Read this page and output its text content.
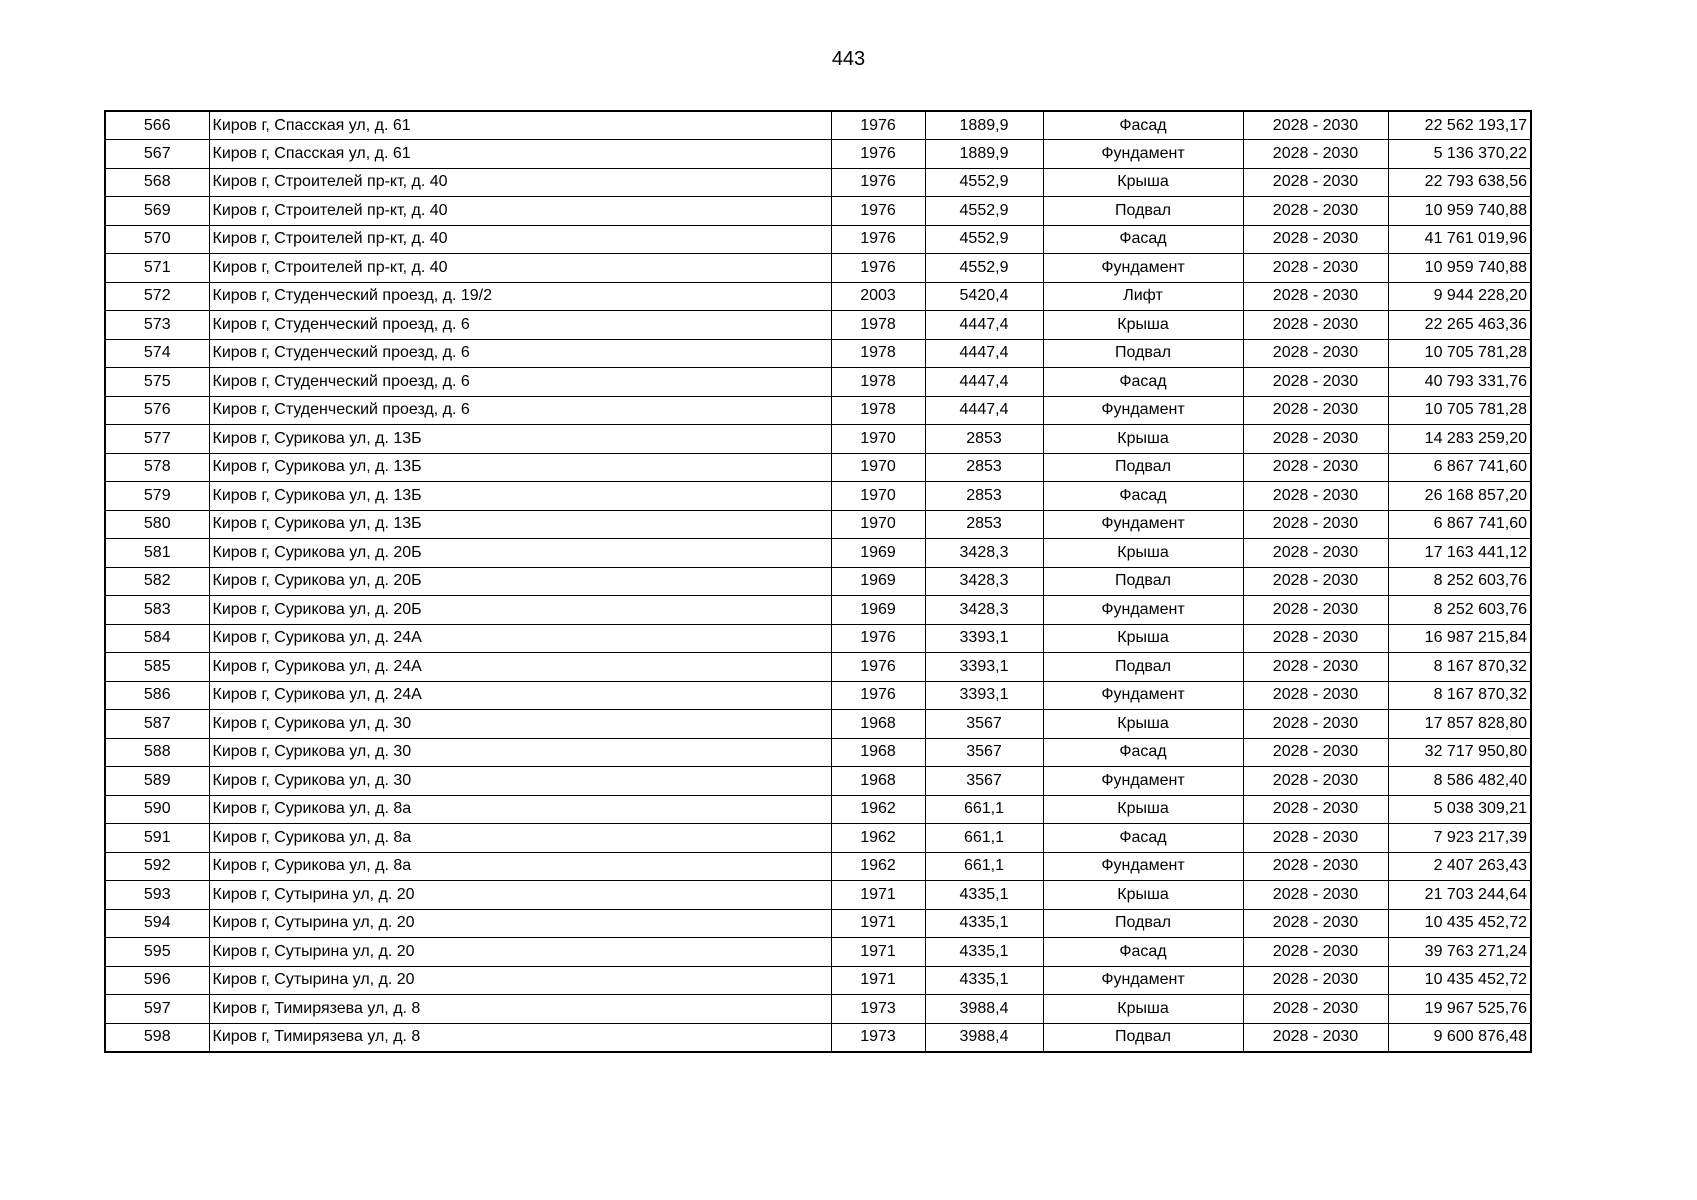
443
566	Киров г, Спасская ул, д. 61	1976	1889,9	Фасад	2028 - 2030	22 562 193,17
567	Киров г, Спасская ул, д. 61	1976	1889,9	Фундамент	2028 - 2030	5 136 370,22
568	Киров г, Строителей пр-кт, д. 40	1976	4552,9	Крыша	2028 - 2030	22 793 638,56
569	Киров г, Строителей пр-кт, д. 40	1976	4552,9	Подвал	2028 - 2030	10 959 740,88
570	Киров г, Строителей пр-кт, д. 40	1976	4552,9	Фасад	2028 - 2030	41 761 019,96
571	Киров г, Строителей пр-кт, д. 40	1976	4552,9	Фундамент	2028 - 2030	10 959 740,88
572	Киров г, Студенческий проезд, д. 19/2	2003	5420,4	Лифт	2028 - 2030	9 944 228,20
573	Киров г, Студенческий проезд, д. 6	1978	4447,4	Крыша	2028 - 2030	22 265 463,36
574	Киров г, Студенческий проезд, д. 6	1978	4447,4	Подвал	2028 - 2030	10 705 781,28
575	Киров г, Студенческий проезд, д. 6	1978	4447,4	Фасад	2028 - 2030	40 793 331,76
576	Киров г, Студенческий проезд, д. 6	1978	4447,4	Фундамент	2028 - 2030	10 705 781,28
577	Киров г, Сурикова ул, д. 13Б	1970	2853	Крыша	2028 - 2030	14 283 259,20
578	Киров г, Сурикова ул, д. 13Б	1970	2853	Подвал	2028 - 2030	6 867 741,60
579	Киров г, Сурикова ул, д. 13Б	1970	2853	Фасад	2028 - 2030	26 168 857,20
580	Киров г, Сурикова ул, д. 13Б	1970	2853	Фундамент	2028 - 2030	6 867 741,60
581	Киров г, Сурикова ул, д. 20Б	1969	3428,3	Крыша	2028 - 2030	17 163 441,12
582	Киров г, Сурикова ул, д. 20Б	1969	3428,3	Подвал	2028 - 2030	8 252 603,76
583	Киров г, Сурикова ул, д. 20Б	1969	3428,3	Фундамент	2028 - 2030	8 252 603,76
584	Киров г, Сурикова ул, д. 24А	1976	3393,1	Крыша	2028 - 2030	16 987 215,84
585	Киров г, Сурикова ул, д. 24А	1976	3393,1	Подвал	2028 - 2030	8 167 870,32
586	Киров г, Сурикова ул, д. 24А	1976	3393,1	Фундамент	2028 - 2030	8 167 870,32
587	Киров г, Сурикова ул, д. 30	1968	3567	Крыша	2028 - 2030	17 857 828,80
588	Киров г, Сурикова ул, д. 30	1968	3567	Фасад	2028 - 2030	32 717 950,80
589	Киров г, Сурикова ул, д. 30	1968	3567	Фундамент	2028 - 2030	8 586 482,40
590	Киров г, Сурикова ул, д. 8а	1962	661,1	Крыша	2028 - 2030	5 038 309,21
591	Киров г, Сурикова ул, д. 8а	1962	661,1	Фасад	2028 - 2030	7 923 217,39
592	Киров г, Сурикова ул, д. 8а	1962	661,1	Фундамент	2028 - 2030	2 407 263,43
593	Киров г, Сутырина ул, д. 20	1971	4335,1	Крыша	2028 - 2030	21 703 244,64
594	Киров г, Сутырина ул, д. 20	1971	4335,1	Подвал	2028 - 2030	10 435 452,72
595	Киров г, Сутырина ул, д. 20	1971	4335,1	Фасад	2028 - 2030	39 763 271,24
596	Киров г, Сутырина ул, д. 20	1971	4335,1	Фундамент	2028 - 2030	10 435 452,72
597	Киров г, Тимирязева ул, д. 8	1973	3988,4	Крыша	2028 - 2030	19 967 525,76
598	Киров г, Тимирязева ул, д. 8	1973	3988,4	Подвал	2028 - 2030	9 600 876,48
